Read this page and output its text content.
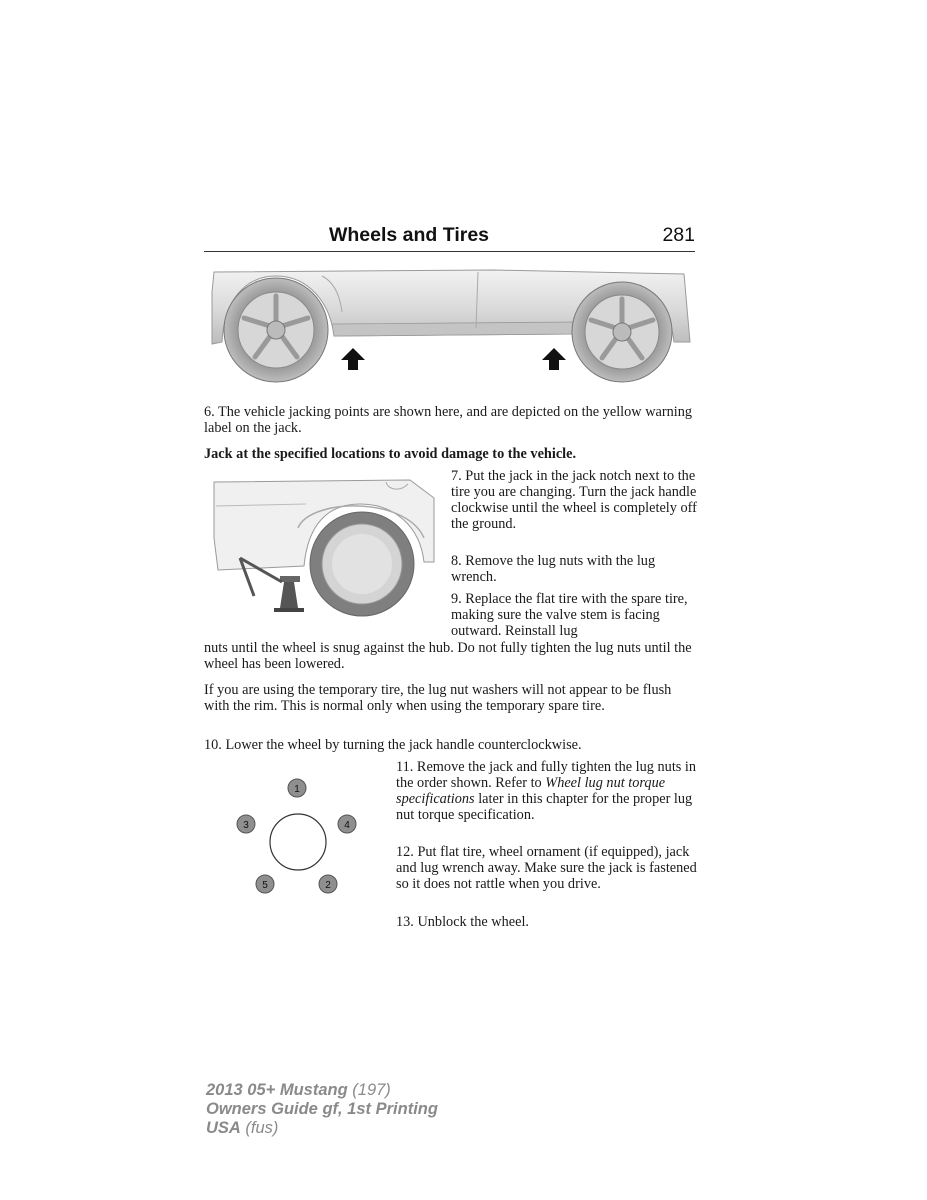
Wheels and Tires	281

6. The vehicle jacking points are shown here, and are depicted on the yellow warning label on the jack.

Jack at the specified locations to avoid damage to the vehicle.

7. Put the jack in the jack notch next to the tire you are changing. Turn the jack handle clockwise until the wheel is completely off the ground.

8. Remove the lug nuts with the lug wrench.

9. Replace the flat tire with the spare tire, making sure the valve stem is facing outward. Reinstall lug

nuts until the wheel is snug against the hub. Do not fully tighten the lug nuts until the wheel has been lowered.

If you are using the temporary tire, the lug nut washers will not appear to be flush with the rim. This is normal only when using the temporary spare tire.

10. Lower the wheel by turning the jack handle counterclockwise.

1
4
2
5
3

11. Remove the jack and fully tighten the lug nuts in the order shown. Refer to Wheel lug nut torque specifications later in this chapter for the proper lug nut torque specification.

12. Put flat tire, wheel ornament (if equipped), jack and lug wrench away. Make sure the jack is fastened so it does not rattle when you drive.

13. Unblock the wheel.

2013 05+ Mustang (197)
Owners Guide gf, 1st Printing
USA (fus)
